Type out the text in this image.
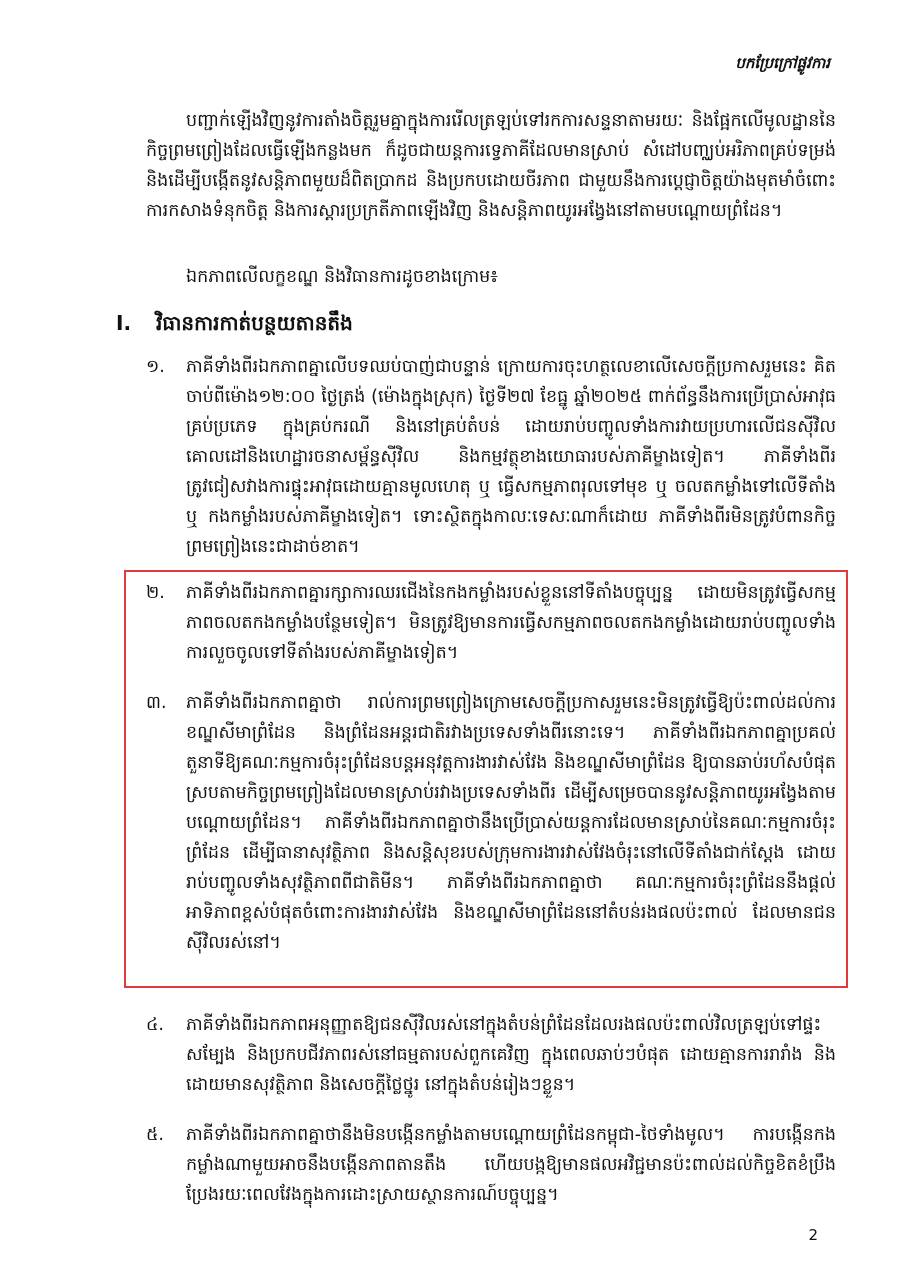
បកប្រែក្រៅផ្លូវការ
បញ្ជាក់ឡើងវិញនូវការតាំងចិត្តរួមគ្នាក្នុងការរើលត្រឡប់ទៅរកការសន្ទនាតាមរយៈ និងផ្អែកលើមូលដ្ឋាននៃកិច្ចព្រមព្រៀងដែលធ្វើឡើងកន្លងមក ក៏ដូចជាយន្តការទ្វេភាគីដែលមានស្រាប់ សំដៅបញ្ឈប់អរិភាពគ្រប់ទម្រង់ និងដើម្បីបង្កើតនូវសន្តិភាពមួយដ៏ពិតប្រាកដ និងប្រកបដោយចីរភាព ជាមួយនឹងការប្ដេជ្ញាចិត្តយ៉ាងមុតមាំចំពោះការកសាងទំនុកចិត្ត និងការស្តារប្រក្រតីភាពឡើងវិញ និងសន្តិភាពយូរអង្វែងនៅតាមបណ្តោយព្រំដែន។
ឯកភាពលើលក្ខខណ្ឌ និងវិធានការដូចខាងក្រោម៖
I. វិធានការកាត់បន្ថយតានតឹង
១.	ភាគីទាំងពីរឯកភាពគ្នាលើបទឈប់បាញ់ជាបន្ទាន់ ក្រោយការចុះហត្ថលេខាលើសេចក្តីប្រកាសរួមនេះ គិតចាប់ពីម៉ោង១២:០០ ថ្ងៃត្រង់ (ម៉ោងក្នុងស្រុក) ថ្ងៃទី២៧ ខែធ្នូ ឆ្នាំ២០២៥ ពាក់ព័ន្ធនឹងការប្រើប្រាស់អាវុធគ្រប់ប្រភេទ ក្នុងគ្រប់ករណី និងនៅគ្រប់តំបន់ ដោយរាប់បញ្ចូលទាំងការវាយប្រហារលើជនស៊ីវិល គោលដៅនិងហេដ្ឋារចនាសម្ព័ន្ធស៊ីវិល និងកម្មវត្ថុខាងយោធារបស់ភាគីម្ខាងទៀត។ ភាគីទាំងពីរត្រូវជៀសវាងការផ្ទុះអាវុធដោយគ្មានមូលហេតុ ឬ ធ្វើសកម្មភាពរុលទៅមុខ ឬ ចលតកម្លាំងទៅលើទីតាំង ឬ កងកម្លាំងរបស់ភាគីម្ខាងទៀត។ ទោះស្ថិតក្នុងកាលៈទេសៈណាក៏ដោយ ភាគីទាំងពីរមិនត្រូវបំពានកិច្ចព្រមព្រៀងនេះជាដាច់ខាត។
២.	ភាគីទាំងពីរឯកភាពគ្នារក្សាការឈរជើងនៃកងកម្លាំងរបស់ខ្លួននៅទីតាំងបច្ចុប្បន្ន ដោយមិនត្រូវធ្វើសកម្មភាពចលតកងកម្លាំងបន្ថែមទៀត។ មិនត្រូវឱ្យមានការធ្វើសកម្មភាពចលតកងកម្លាំងដោយរាប់បញ្ចូលទាំងការលួចចូលទៅទីតាំងរបស់ភាគីម្ខាងទៀត។
៣.	ភាគីទាំងពីរឯកភាពគ្នាថា រាល់ការព្រមព្រៀងក្រោមសេចក្តីប្រកាសរួមនេះមិនត្រូវធ្វើឱ្យប៉ះពាល់ដល់ការខណ្ឌសីមាព្រំដែន និងព្រំដែនអន្តរជាតិរវាងប្រទេសទាំងពីរនោះទេ។ ភាគីទាំងពីរឯកភាពគ្នាប្រគល់តួនាទីឱ្យគណៈកម្មការចំរុះព្រំដែនបន្តអនុវត្តការងារវាស់វែង និងខណ្ឌសីមាព្រំដែន ឱ្យបានឆាប់រហ័សបំផុត ស្របតាមកិច្ចព្រមព្រៀងដែលមានស្រាប់រវាងប្រទេសទាំងពីរ ដើម្បីសម្រេចបាននូវសន្តិភាពយូរអង្វែងតាមបណ្តោយព្រំដែន។ ភាគីទាំងពីរឯកភាពគ្នាថានឹងប្រើប្រាស់យន្តការដែលមានស្រាប់នៃគណៈកម្មការចំរុះព្រំដែន ដើម្បីធានាសុវត្ថិភាព និងសន្តិសុខរបស់ក្រុមការងារវាស់វែងចំរុះនៅលើទីតាំងជាក់ស្តែង ដោយរាប់បញ្ចូលទាំងសុវត្ថិភាពពីជាតិមីន។ ភាគីទាំងពីរឯកភាពគ្នាថា គណៈកម្មការចំរុះព្រំដែននឹងផ្តល់អាទិភាពខ្ពស់បំផុតចំពោះការងារវាស់វែង និងខណ្ឌសីមាព្រំដែននៅតំបន់រងផលប៉ះពាល់ ដែលមានជនស៊ីវិលរស់នៅ។
៤.	ភាគីទាំងពីរឯកភាពអនុញ្ញាតឱ្យជនស៊ីវិលរស់នៅក្នុងតំបន់ព្រំដែនដែលរងផលប៉ះពាល់វិលត្រឡប់ទៅផ្ទះសម្បែង និងប្រកបជីវភាពរស់នៅធម្មតារបស់ពួកគេវិញ ក្នុងពេលឆាប់ៗបំផុត ដោយគ្មានការរារាំង និងដោយមានសុវត្ថិភាព និងសេចក្តីថ្លៃថ្នូរ នៅក្នុងតំបន់រៀងៗខ្លួន។
៥.	ភាគីទាំងពីរឯកភាពគ្នាថានឹងមិនបង្កើនកម្លាំងតាមបណ្តោយព្រំដែនកម្ពុជា-ថៃទាំងមូល។ ការបង្កើនកងកម្លាំងណាមួយអាចនឹងបង្កើនភាពតានតឹង ហើយបង្កឱ្យមានផលអវិជ្ជមានប៉ះពាល់ដល់កិច្ចខិតខំប្រឹងប្រែងរយៈពេលវែងក្នុងការដោះស្រាយស្ថានការណ៍បច្ចុប្បន្ន។
2
